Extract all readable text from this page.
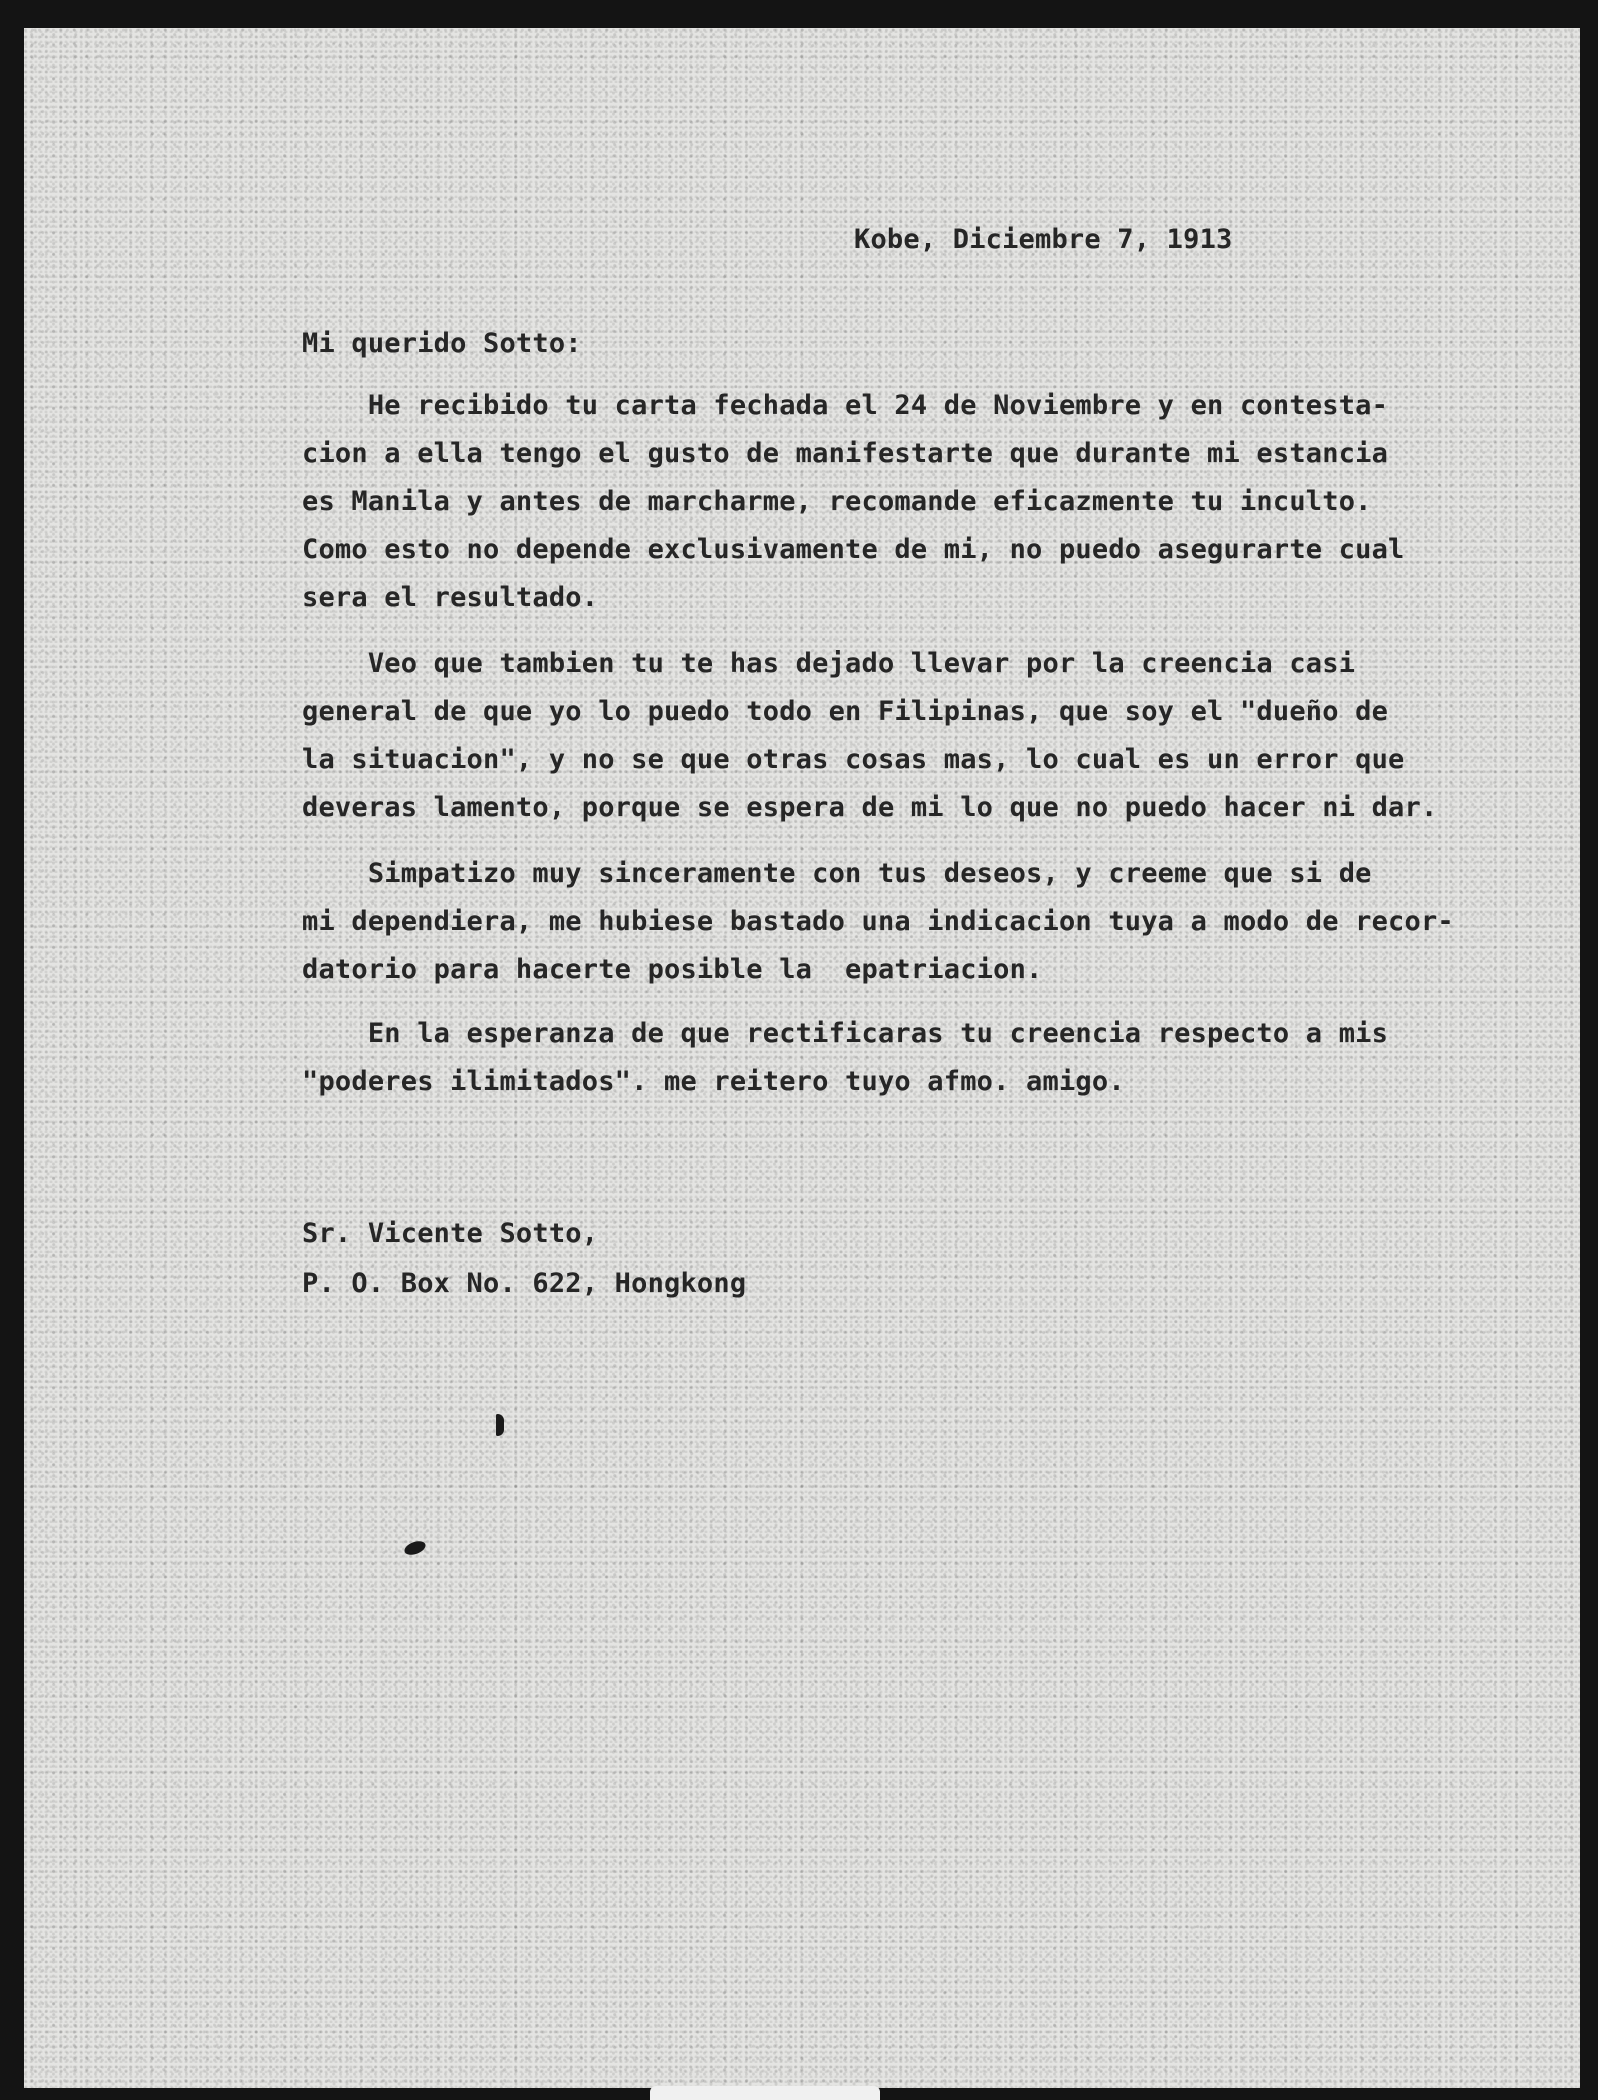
Kobe, Diciembre 7, 1913
Mi querido Sotto:
He recibido tu carta fechada el 24 de Noviembre y en contesta-
cion a ella tengo el gusto de manifestarte que durante mi estancia
es Manila y antes de marcharme, recomande eficazmente tu inculto.
Como esto no depende exclusivamente de mi, no puedo asegurarte cual
sera el resultado.
Veo que tambien tu te has dejado llevar por la creencia casi
general de que yo lo puedo todo en Filipinas, que soy el "dueño de
la situacion", y no se que otras cosas mas, lo cual es un error que
deveras lamento, porque se espera de mi lo que no puedo hacer ni dar.
Simpatizo muy sinceramente con tus deseos, y creeme que si de
mi dependiera, me hubiese bastado una indicacion tuya a modo de recor-
datorio para hacerte posible la  epatriacion.
En la esperanza de que rectificaras tu creencia respecto a mis
"poderes ilimitados". me reitero tuyo afmo. amigo.
Sr. Vicente Sotto,
P. O. Box No. 622, Hongkong
